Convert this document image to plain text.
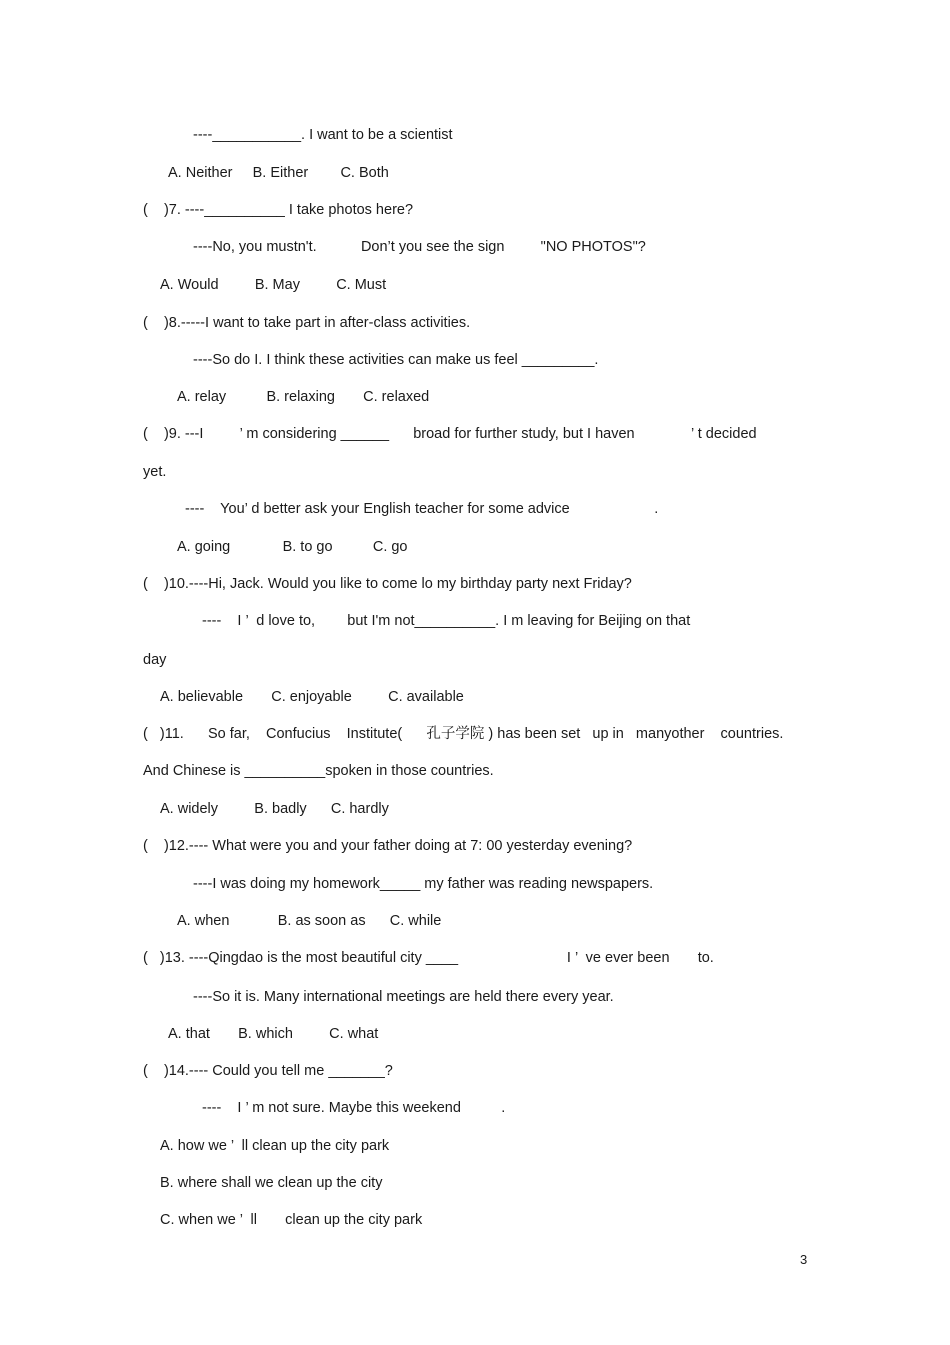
----___________. I want to be a scientist
A. Neither     B. Either        C. Both
(    )7. ----__________ I take photos here?
----No, you mustn't.           Don’t you see the sign         "NO PHOTOS"?
A. Would         B. May         C. Must
(    )8.-----I want to take part in after-class activities.
----So do I. I think these activities can make us feel _________.
A. relay          B. relaxing       C. relaxed
(    )9. ---I         ’ m considering ______      broad for further study, but I haven              ’ t decided
yet.
----    You’ d better ask your English teacher for some advice                     .
A. going             B. to go          C. go
(    )10.----Hi, Jack. Would you like to come lo my birthday party next Friday?
----    I ’  d love to,        but I'm not__________. I m leaving for Beijing on that
day
A. believable       C. enjoyable         C. available
(   )11.      So far,    Confucius    Institute(      孔子学院 ) has been set   up in   manyother    countries.
And Chinese is __________spoken in those countries.
A. widely         B. badly      C. hardly
(    )12.---- What were you and your father doing at 7: 00 yesterday evening?
----I was doing my homework_____ my father was reading newspapers.
A. when            B. as soon as      C. while
(   )13. ----Qingdao is the most beautiful city ____                           I ’  ve ever been       to.
----So it is. Many international meetings are held there every year.
A. that       B. which         C. what
(    )14.---- Could you tell me _______?
----    I ’ m not sure. Maybe this weekend          .
A. how we ’  ll clean up the city park
B. where shall we clean up the city
C. when we ’  ll       clean up the city park
3
